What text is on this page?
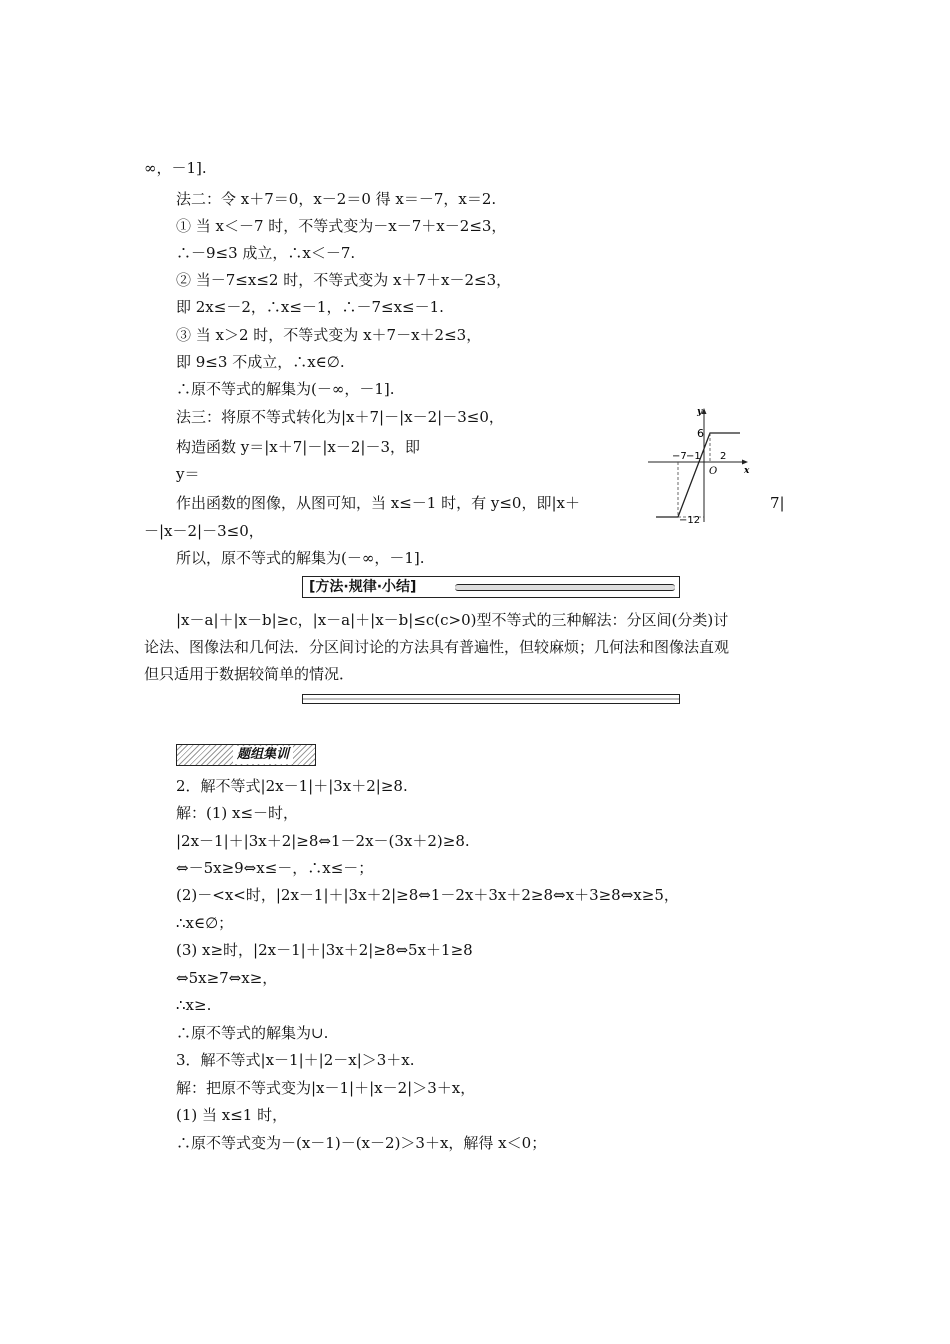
∞，－1].
法二：令 x＋7＝0，x－2＝0 得 x＝－7，x＝2.
① 当 x＜－7 时，不等式变为－x－7＋x－2≤3，
∴－9≤3 成立，∴x＜－7.
② 当－7≤x≤2 时，不等式变为 x＋7＋x－2≤3，
即 2x≤－2，∴x≤－1，∴－7≤x≤－1.
③ 当 x＞2 时，不等式变为 x＋7－x＋2≤3，
即 9≤3 不成立，∴x∈∅.
∴原不等式的解集为(－∞，－1].
法三：将原不等式转化为|x＋7|－|x－2|－3≤0，
构造函数 y＝|x＋7|－|x－2|－3，即
y＝
作出函数的图像，从图可知，当 x≤－1 时，有 y≤0，即|x＋	7|
－|x－2|－3≤0，
所以，原不等式的解集为(－∞，－1].
y
x
6
−12
−7 −1 2
O
[方法·规律·小结]
|x－a|＋|x－b|≥c，|x－a|＋|x－b|≤c(c>0)型不等式的三种解法：分区间(分类)讨
论法、图像法和几何法．分区间讨论的方法具有普遍性，但较麻烦；几何法和图像法直观
但只适用于数据较简单的情况．
题组集训
2．解不等式|2x－1|＋|3x＋2|≥8.
解：(1) x≤－时，
|2x－1|＋|3x＋2|≥8⇔1－2x－(3x＋2)≥8.
⇔－5x≥9⇔x≤－，∴x≤－；
(2)－<x<时，|2x－1|＋|3x＋2|≥8⇔1－2x＋3x＋2≥8⇔x＋3≥8⇔x≥5，
∴x∈∅；
(3) x≥时，|2x－1|＋|3x＋2|≥8⇔5x＋1≥8
⇔5x≥7⇔x≥，
∴x≥.
∴原不等式的解集为∪.
3．解不等式|x－1|＋|2－x|＞3＋x.
解：把原不等式变为|x－1|＋|x－2|＞3＋x，
(1) 当 x≤1 时，
∴原不等式变为－(x－1)－(x－2)＞3＋x，解得 x＜0；
